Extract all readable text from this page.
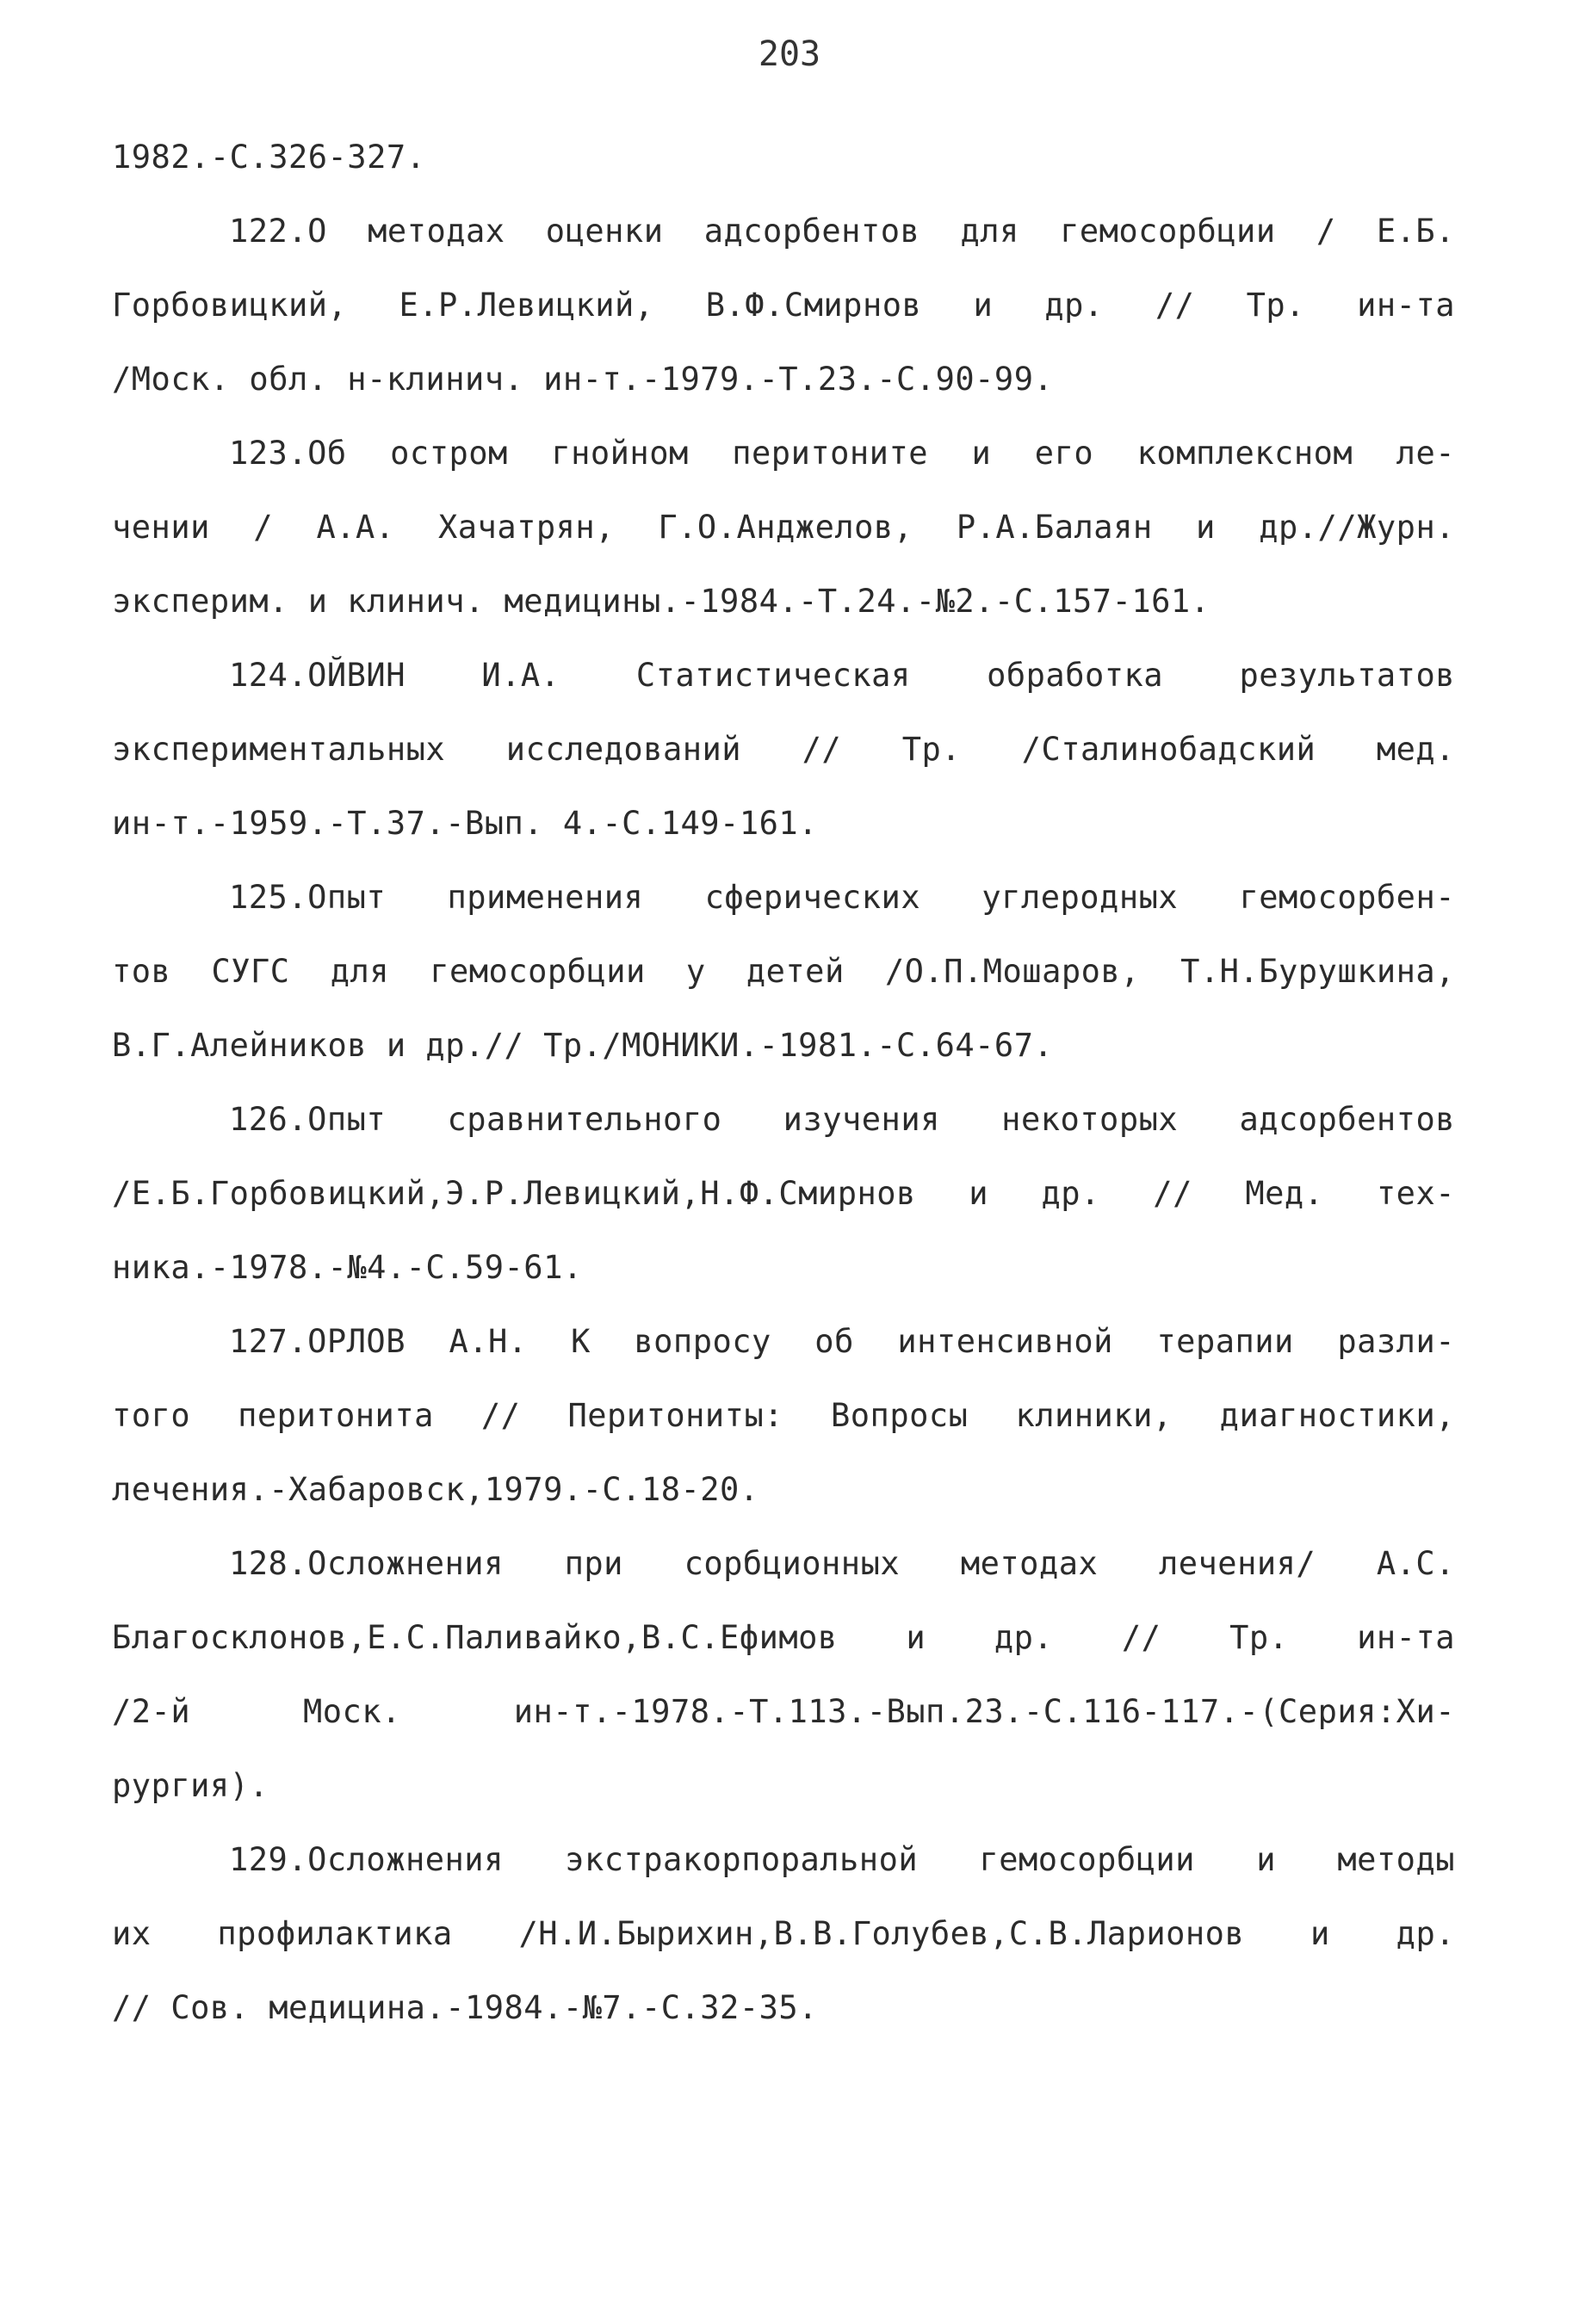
203
1982.-С.326-327.
122.О методах оценки адсорбентов для гемосорбции / Е.Б.
Горбовицкий, Е.Р.Левицкий, В.Ф.Смирнов и др. // Тр. ин-та
/Моск. обл. н-клинич. ин-т.-1979.-Т.23.-С.90-99.
123.Об остром гнойном перитоните и его комплексном ле-
чении / А.А. Хачатрян, Г.О.Анджелов, Р.А.Балаян и др.//Журн.
эксперим. и клинич. медицины.-1984.-Т.24.-№2.-С.157-161.
124.ОЙВИН И.А. Статистическая обработка результатов
экспериментальных исследований // Тр. /Сталинобадский мед.
ин-т.-1959.-Т.37.-Вып. 4.-С.149-161.
125.Опыт применения сферических углеродных гемосорбен-
тов СУГС для гемосорбции у детей /О.П.Мошаров, Т.Н.Бурушкина,
В.Г.Алейников и др.// Тр./МОНИКИ.-1981.-С.64-67.
126.Опыт сравнительного изучения некоторых адсорбентов
/Е.Б.Горбовицкий,Э.Р.Левицкий,Н.Ф.Смирнов и др. // Мед. тех-
ника.-1978.-№4.-С.59-61.
127.ОРЛОВ А.Н. К вопросу об интенсивной терапии разли-
того перитонита // Перитониты: Вопросы клиники, диагностики,
лечения.-Хабаровск,1979.-С.18-20.
128.Осложнения при сорбционных методах лечения/ А.С.
Благосклонов,Е.С.Паливайко,В.С.Ефимов и др. // Тр. ин-та
/2-й Моск. ин-т.-1978.-Т.113.-Вып.23.-С.116-117.-(Серия:Хи-
рургия).
129.Осложнения экстракорпоральной гемосорбции и методы
их профилактика /Н.И.Бырихин,В.В.Голубев,С.В.Ларионов и др.
// Сов. медицина.-1984.-№7.-С.32-35.
